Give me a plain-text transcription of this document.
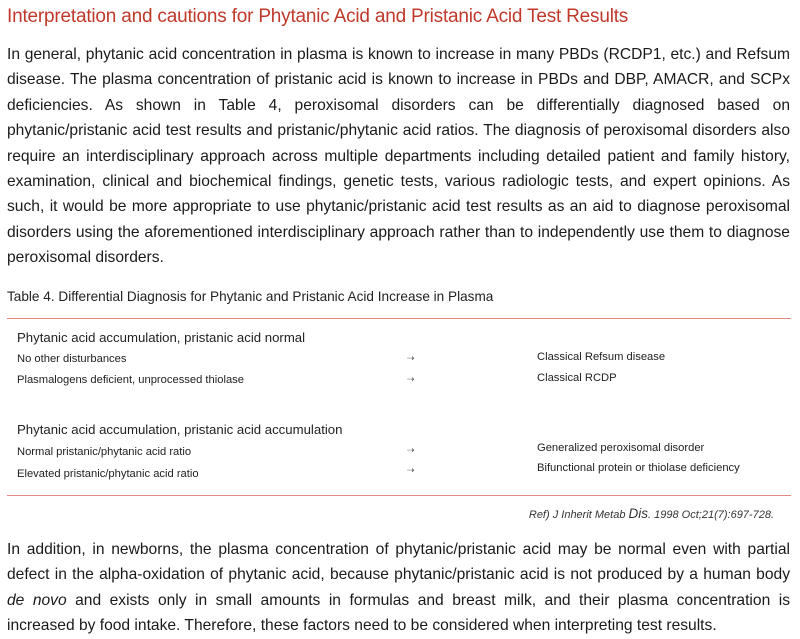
Interpretation and cautions for Phytanic Acid and Pristanic Acid Test Results

In general, phytanic acid concentration in plasma is known to increase in many PBDs (RCDP1, etc.) and Refsum disease. The plasma concentration of pristanic acid is known to increase in PBDs and DBP, AMACR, and SCPx deficiencies. As shown in Table 4, peroxisomal disorders can be differentially diagnosed based on phytanic/pristanic acid test results and pristanic/phytanic acid ratios. The diagnosis of peroxisomal disorders also require an interdisciplinary approach across multiple departments including detailed patient and family history, examination, clinical and biochemical findings, genetic tests, various radiologic tests, and expert opinions. As such, it would be more appropriate to use phytanic/pristanic acid test results as an aid to diagnose peroxisomal disorders using the aforementioned interdisciplinary approach rather than to independently use them to diagnose peroxisomal disorders.

Table 4. Differential Diagnosis for Phytanic and Pristanic Acid Increase in Plasma
Phytanic acid accumulation, pristanic acid normal
No other disturbances	⇢	Classical Refsum disease
Plasmalogens deficient, unprocessed thiolase	⇢	Classical RCDP
Phytanic acid accumulation, pristanic acid accumulation
Normal pristanic/phytanic acid ratio	⇢	Generalized peroxisomal disorder
Elevated pristanic/phytanic acid ratio	⇢	Bifunctional protein or thiolase deficiency
Ref) J Inherit Metab Dis. 1998 Oct;21(7):697-728.

In addition, in newborns, the plasma concentration of phytanic/pristanic acid may be normal even with partial defect in the alpha-oxidation of phytanic acid, because phytanic/pristanic acid is not produced by a human body de novo and exists only in small amounts in formulas and breast milk, and their plasma concentration is increased by food intake. Therefore, these factors need to be considered when interpreting test results.
